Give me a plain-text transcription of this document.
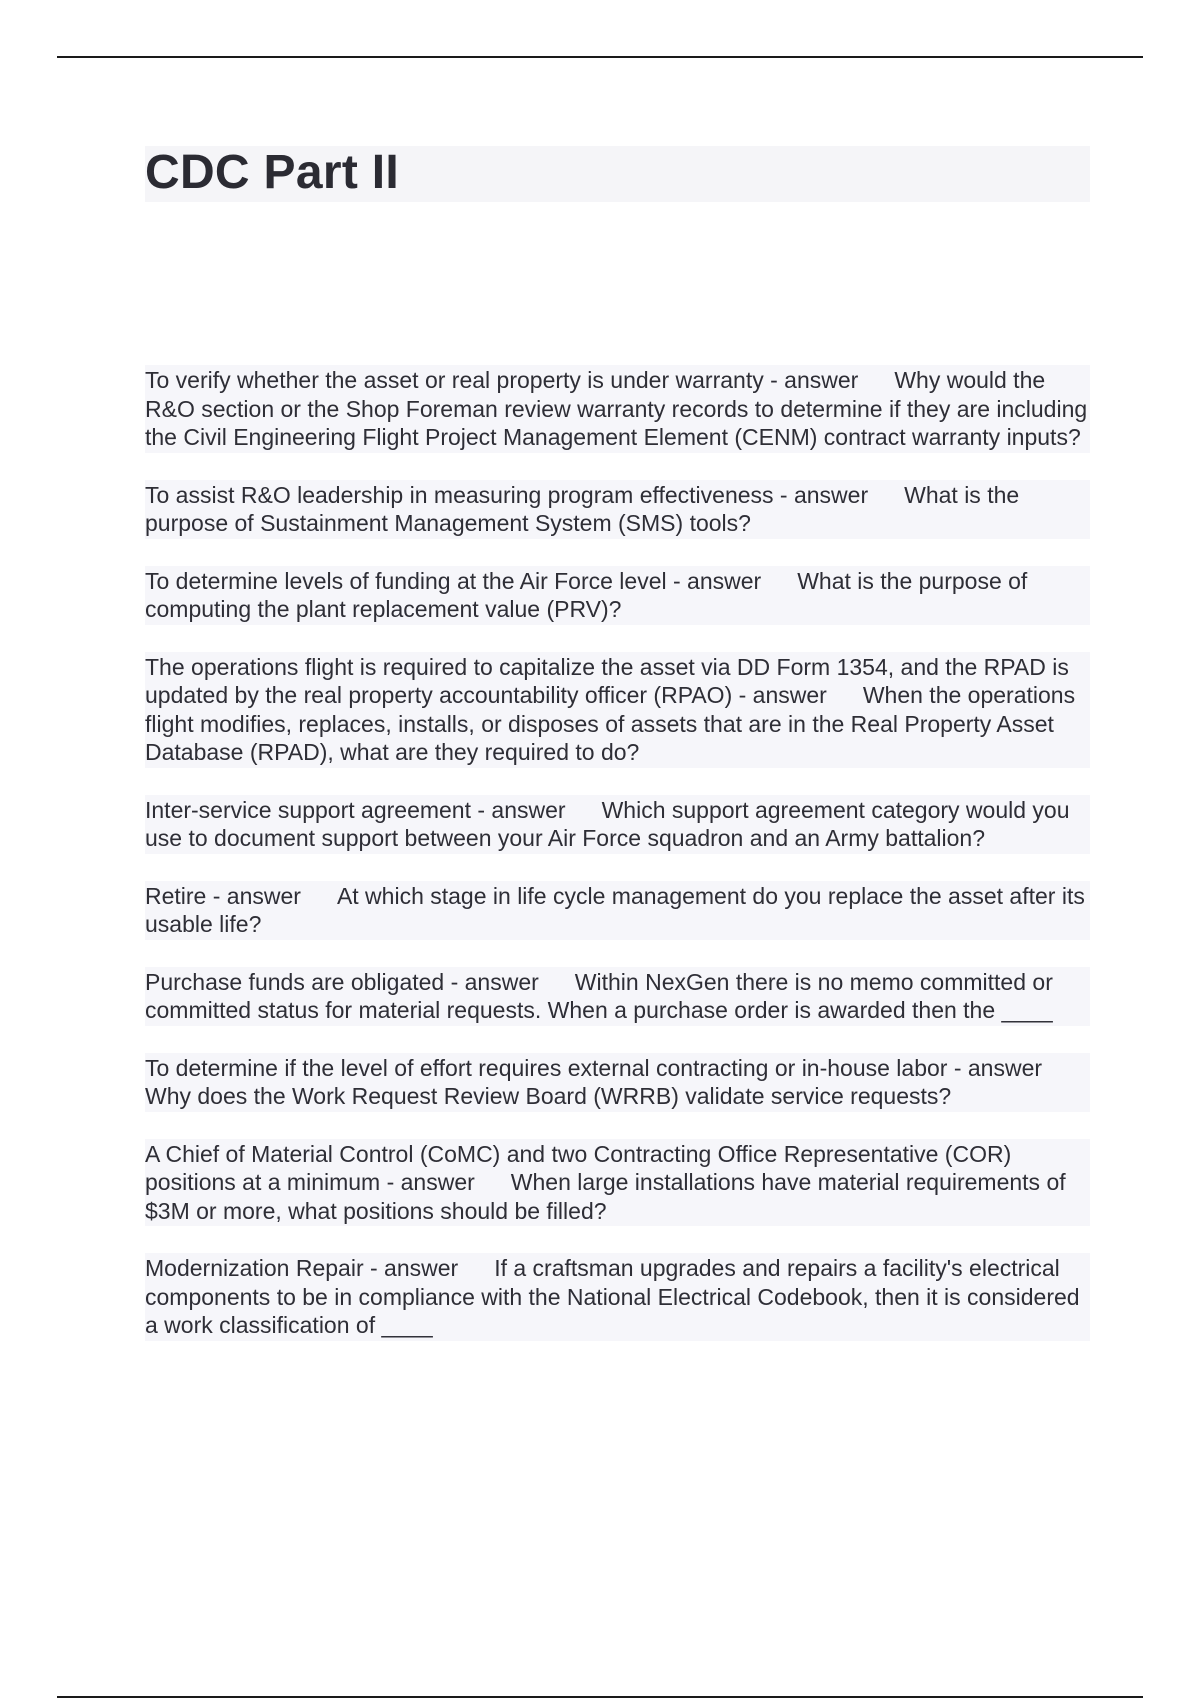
CDC Part II

To verify whether the asset or real property is under warranty - answer Why would the R&O section or the Shop Foreman review warranty records to determine if they are including the Civil Engineering Flight Project Management Element (CENM) contract warranty inputs?

To assist R&O leadership in measuring program effectiveness - answer What is the purpose of Sustainment Management System (SMS) tools?

To determine levels of funding at the Air Force level - answer What is the purpose of computing the plant replacement value (PRV)?

The operations flight is required to capitalize the asset via DD Form 1354, and the RPAD is updated by the real property accountability officer (RPAO) - answer When the operations flight modifies, replaces, installs, or disposes of assets that are in the Real Property Asset Database (RPAD), what are they required to do?

Inter-service support agreement - answer Which support agreement category would you use to document support between your Air Force squadron and an Army battalion?

Retire - answer At which stage in life cycle management do you replace the asset after its usable life?

Purchase funds are obligated - answer Within NexGen there is no memo committed or committed status for material requests. When a purchase order is awarded then the ____

To determine if the level of effort requires external contracting or in-house labor - answerWhy does the Work Request Review Board (WRRB) validate service requests?

A Chief of Material Control (CoMC) and two Contracting Office Representative (COR) positions at a minimum - answer When large installations have material requirements of $3M or more, what positions should be filled?

Modernization Repair - answer If a craftsman upgrades and repairs a facility's electrical components to be in compliance with the National Electrical Codebook, then it is considered a work classification of ____
